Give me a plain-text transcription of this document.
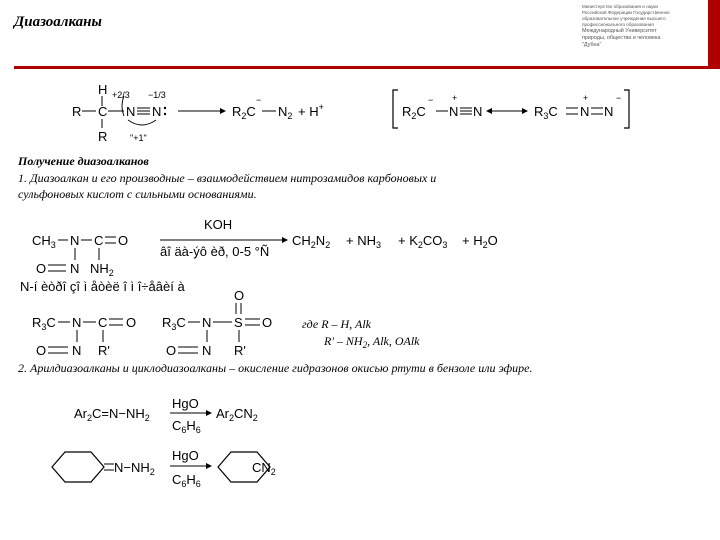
Диазоалканы
Министерство образования и науки
Российской Федерации Государственное
образовательное учреждение высшего
профессионального образования
Международный Университет
природы, общества и человека
"Дубна"
Получение диазоалканов
1. Диазоалкан и его производные – взаимодействием нитрозамидов карбоновых и
сульфоновых кислот с сильными основаниями.
2. Арилдиазоалканы и циклодиазоалканы – окисление гидразонов окисью ртути в бензоле или эфире.
H +2/3 −1/3
R C N N
R	"+1"
$R_2C$
−
$N_2 + H^+$	$R_2C$
−
N
+
N	$R_3C$ N
+
N
−
$CH_3$ N C O
O N $NH_2$
KOH
âî äà-ýô èð, 0-5 °Ñ
$CH_2N_2 + NH_3 + K_2CO_3 + H_2O$
N-í èòðî çî ì åòèë î ì î÷åâèí à
$R_3C$ N C O
O N R'
$R_3C$ N S
O
O
O N R'
где R – H, Alk
R' – $NH_2$, Alk, OAlk
$Ar_2C=N-NH_2$
HgO
$C_6H_6$
$Ar_2CN_2$
$N-NH_2$
HgO
$C_6H_6$
$CN_2$
